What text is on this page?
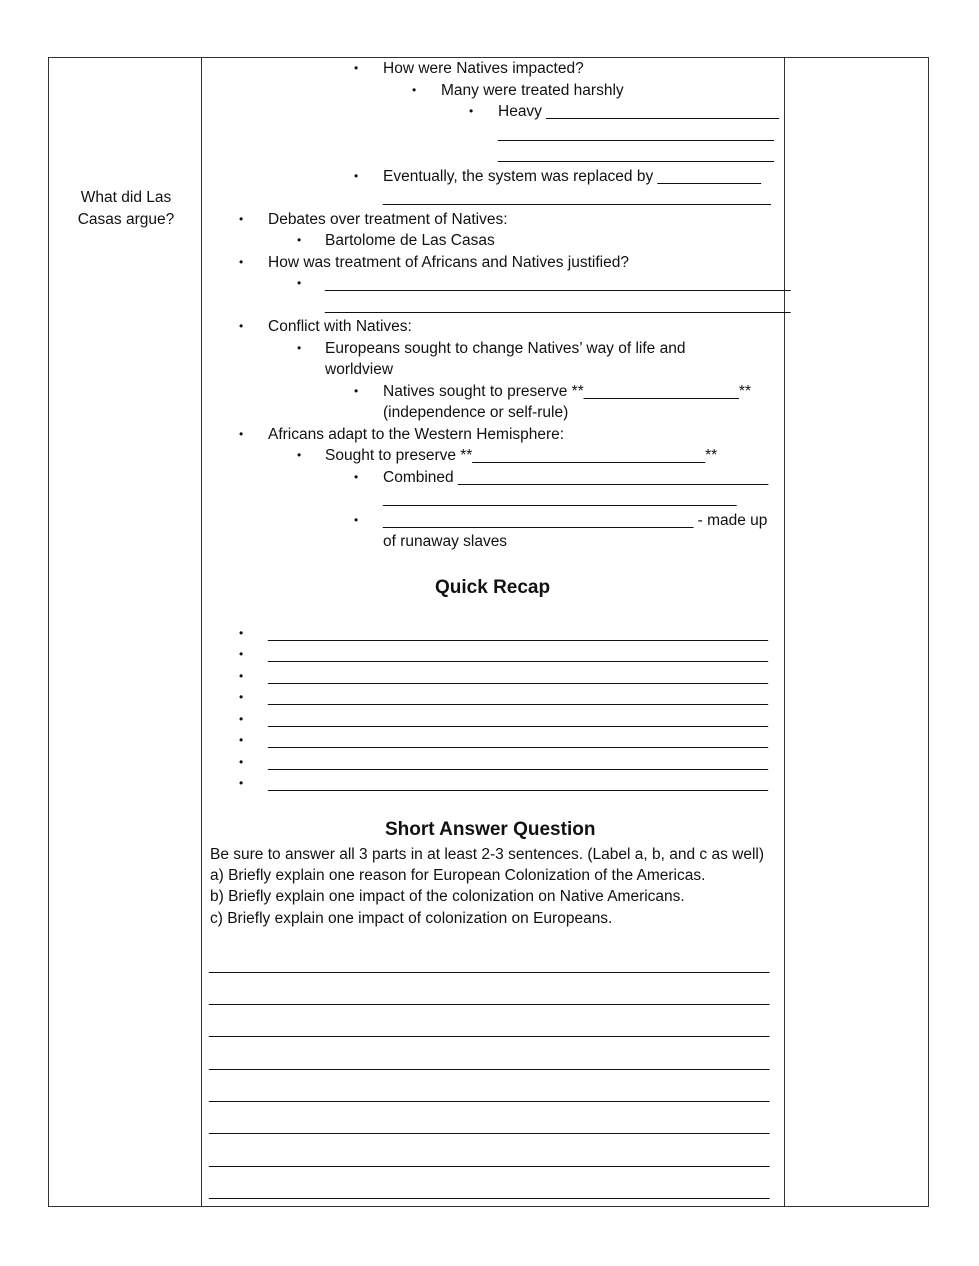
What did Las Casas argue?
• How were Natives impacted?
• Many were treated harshly
• Heavy ___________________________
________________________________
________________________________
• Eventually, the system was replaced by ____________
_____________________________________________
• Debates over treatment of Natives:
• Bartolome de Las Casas
• How was treatment of Africans and Natives justified?
• ______________________________________________________
______________________________________________________
• Conflict with Natives:
• Europeans sought to change Natives’ way of life and
worldview
• Natives sought to preserve **__________________**
(independence or self-rule)
• Africans adapt to the Western Hemisphere:
• Sought to preserve **___________________________**
• Combined ____________________________________
_________________________________________
• ____________________________________ - made up
of runaway slaves
Quick Recap
• __________________________________________________________
• __________________________________________________________
• __________________________________________________________
• __________________________________________________________
• __________________________________________________________
• __________________________________________________________
• __________________________________________________________
• __________________________________________________________
Short Answer Question
Be sure to answer all 3 parts in at least 2-3 sentences. (Label a, b, and c as well)
a) Briefly explain one reason for European Colonization of the Americas.
b) Briefly explain one impact of the colonization on Native Americans.
c) Briefly explain one impact of colonization on Europeans.
_________________________________________________________________
_________________________________________________________________
_________________________________________________________________
_________________________________________________________________
_________________________________________________________________
_________________________________________________________________
_________________________________________________________________
_________________________________________________________________
